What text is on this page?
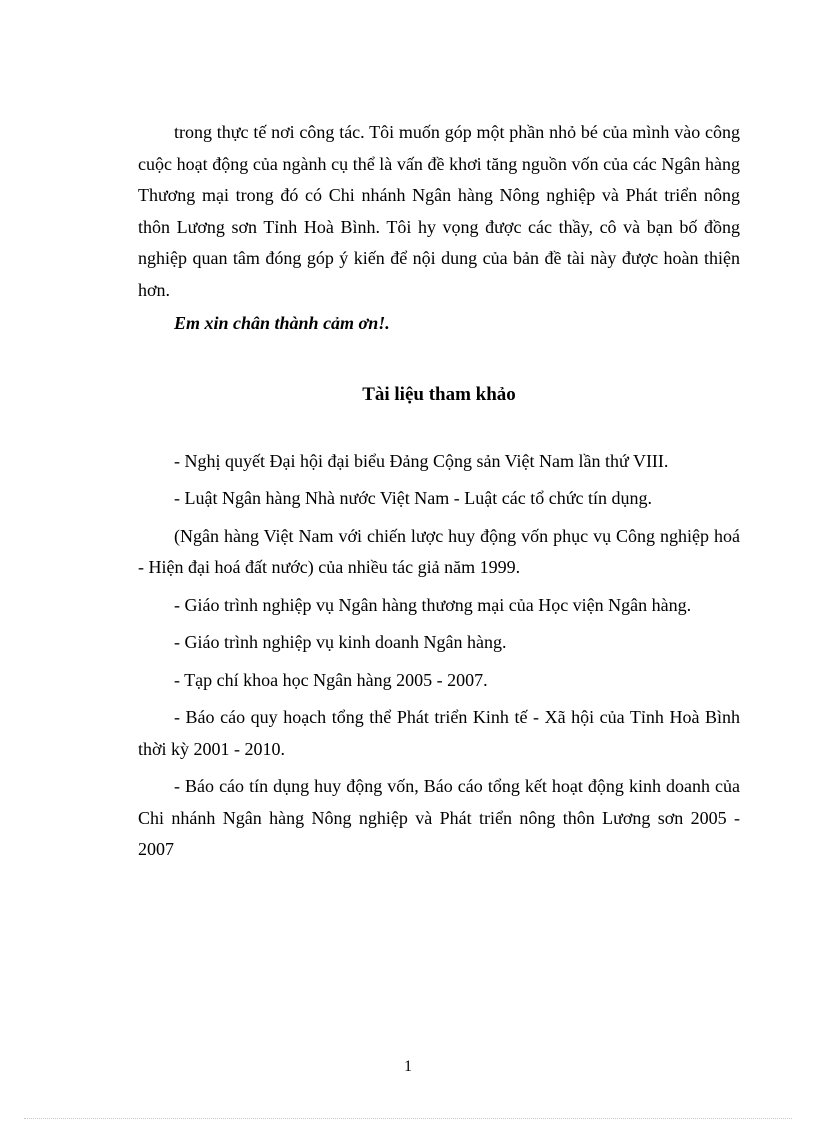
trong thực tế nơi công tác. Tôi muốn góp một phần nhỏ bé của mình vào công cuộc hoạt động của ngành cụ thể là vấn đề khơi tăng nguồn vốn của các Ngân hàng Thương mại trong đó có Chi nhánh Ngân hàng Nông nghiệp và Phát triển nông thôn Lương sơn Tỉnh Hoà Bình. Tôi hy vọng được các thầy, cô và bạn bố đồng nghiệp quan tâm đóng góp ý kiến để nội dung của bản đề tài này được hoàn thiện hơn.

Em xin chân thành cảm ơn!.

Tài liệu tham khảo

- Nghị quyết Đại hội đại biểu Đảng Cộng sản Việt Nam lần thứ VIII.

- Luật Ngân hàng Nhà nước Việt Nam - Luật các tổ chức tín dụng.

(Ngân hàng Việt Nam với chiến lược huy động vốn phục vụ Công nghiệp hoá - Hiện đại hoá đất nước) của nhiều tác giả năm 1999.

- Giáo trình nghiệp vụ Ngân hàng thương mại của Học viện Ngân hàng.

- Giáo trình nghiệp vụ kinh doanh Ngân hàng.

- Tạp chí khoa học Ngân hàng 2005 - 2007.

- Báo cáo quy hoạch tổng thể Phát triển Kinh tế - Xã hội của Tỉnh Hoà Bình thời kỳ 2001 - 2010.

- Báo cáo tín dụng huy động vốn, Báo cáo tổng kết hoạt động kinh doanh của Chi nhánh Ngân hàng Nông nghiệp và Phát triển nông thôn Lương sơn 2005 - 2007

1
